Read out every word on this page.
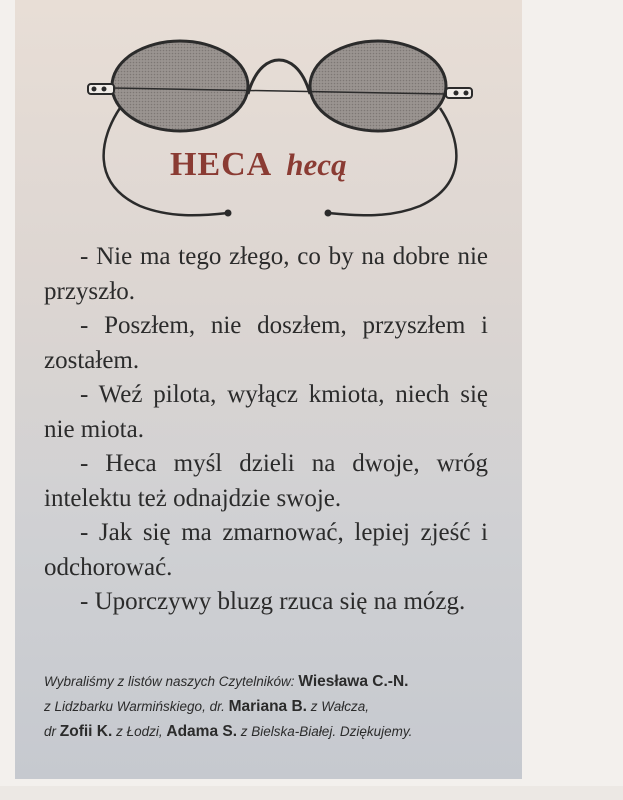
HECA hecą

- Nie ma tego złego, co by na dobre nie przyszło.

- Poszłem, nie doszłem, przyszłem i zostałem.

- Weź pilota, wyłącz kmiota, niech się nie miota.

- Heca myśl dzieli na dwoje, wróg intelektu też odnajdzie swoje.

- Jak się ma zmarnować, lepiej zjeść i odchorować.

- Uporczywy bluzg rzuca się na mózg.

Wybraliśmy z listów naszych Czytelników: Wiesława C.-N.
z Lidzbarku Warmińskiego, dr. Mariana B. z Wałcza,
dr Zofii K. z Łodzi, Adama S. z Bielska-Białej. Dziękujemy.
